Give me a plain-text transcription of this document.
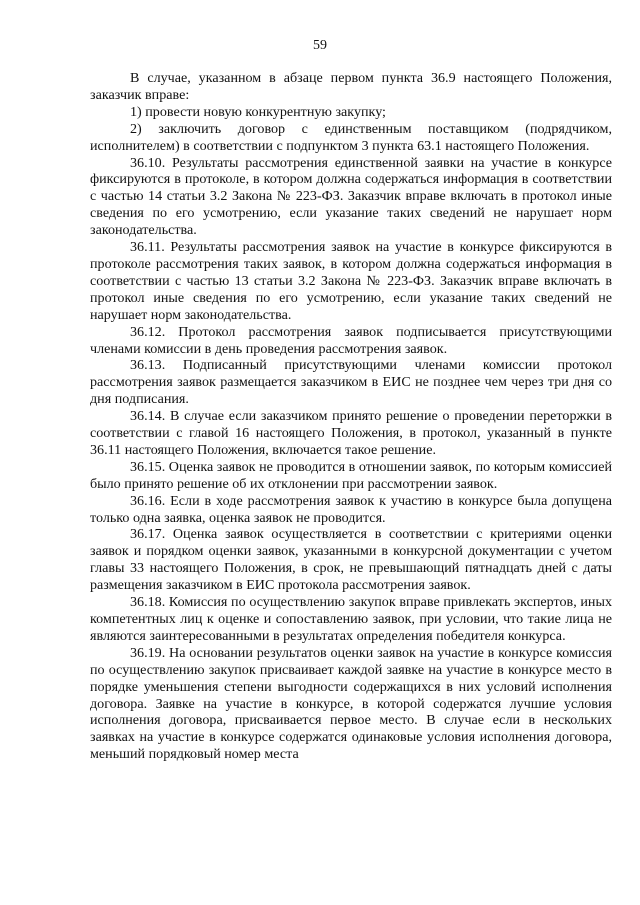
59

В случае, указанном в абзаце первом пункта 36.9 настоящего Положения, заказчик вправе:

1) провести новую конкурентную закупку;

2) заключить договор с единственным поставщиком (подрядчиком, исполнителем) в соответствии с подпунктом 3 пункта 63.1 настоящего Положения.

36.10. Результаты рассмотрения единственной заявки на участие в конкурсе фиксируются в протоколе, в котором должна содержаться информация в соответствии с частью 14 статьи 3.2 Закона № 223-ФЗ. Заказчик вправе включать в протокол иные сведения по его усмотрению, если указание таких сведений не нарушает норм законодательства.

36.11. Результаты рассмотрения заявок на участие в конкурсе фиксируются в протоколе рассмотрения таких заявок, в котором должна содержаться информация в соответствии с частью 13 статьи 3.2 Закона № 223-ФЗ. Заказчик вправе включать в протокол иные сведения по его усмотрению, если указание таких сведений не нарушает норм законодательства.

36.12. Протокол рассмотрения заявок подписывается присутствующими членами комиссии в день проведения рассмотрения заявок.

36.13. Подписанный присутствующими членами комиссии протокол рассмотрения заявок размещается заказчиком в ЕИС не позднее чем через три дня со дня подписания.

36.14. В случае если заказчиком принято решение о проведении переторжки в соответствии с главой 16 настоящего Положения, в протокол, указанный в пункте 36.11 настоящего Положения, включается такое решение.

36.15. Оценка заявок не проводится в отношении заявок, по которым комиссией было принято решение об их отклонении при рассмотрении заявок.

36.16. Если в ходе рассмотрения заявок к участию в конкурсе была допущена только одна заявка, оценка заявок не проводится.

36.17. Оценка заявок осуществляется в соответствии с критериями оценки заявок и порядком оценки заявок, указанными в конкурсной документации с учетом главы 33 настоящего Положения, в срок, не превышающий пятнадцать дней с даты размещения заказчиком в ЕИС протокола рассмотрения заявок.

36.18. Комиссия по осуществлению закупок вправе привлекать экспертов, иных компетентных лиц к оценке и сопоставлению заявок, при условии, что такие лица не являются заинтересованными в результатах определения победителя конкурса.

36.19. На основании результатов оценки заявок на участие в конкурсе комиссия по осуществлению закупок присваивает каждой заявке на участие в конкурсе место в порядке уменьшения степени выгодности содержащихся в них условий исполнения договора. Заявке на участие в конкурсе, в которой содержатся лучшие условия исполнения договора, присваивается первое место. В случае если в нескольких заявках на участие в конкурсе содержатся одинаковые условия исполнения договора, меньший порядковый номер места
